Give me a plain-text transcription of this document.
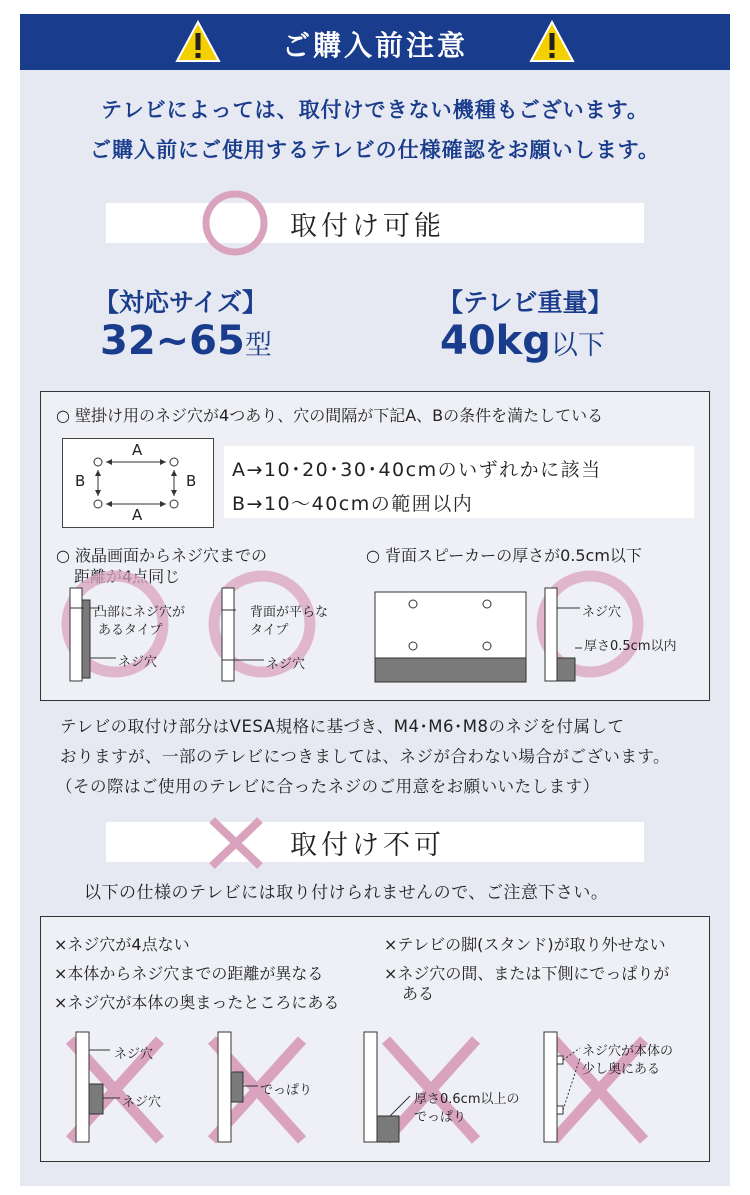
ご購入前注意
テレビによっては、取付けできない機種もございます。
ご購入前にご使用するテレビの仕様確認をお願いします。
取付け可能
【対応サイズ】
32~65型
【テレビ重量】
40kg以下
○ 壁掛け用のネジ穴が4つあり、穴の間隔が下記A、Bの条件を満たしている
A
A
B	B A→10･20･30･40cmのいずれかに該当
B→10～40cmの範囲以内
○ 液晶画面からネジ穴までの
距離が4点同じ
凸部にネジ穴が
あるタイプ
ネジ穴
背面が平らな
タイプ
ネジ穴
○ 背面スピーカーの厚さが0.5cm以下
ネジ穴
厚さ0.5cm以内
テレビの取付け部分はVESA規格に基づき、M4･M6･M8のネジを付属して
おりますが、一部のテレビにつきましては、ネジが合わない場合がございます。
（その際はご使用のテレビに合ったネジのご用意をお願いいたします）
取付け不可
以下の仕様のテレビには取り付けられませんので、ご注意下さい。
×ネジ穴が4点ない
×本体からネジ穴までの距離が異なる
×ネジ穴が本体の奥まったところにある
×テレビの脚(スタンド)が取り外せない
×ネジ穴の間、または下側にでっぱりが
ある
ネジ穴
ネジ穴
でっぱり
厚さ0.6cm以上の
でっぱり
ネジ穴が本体の
少し奥にある
